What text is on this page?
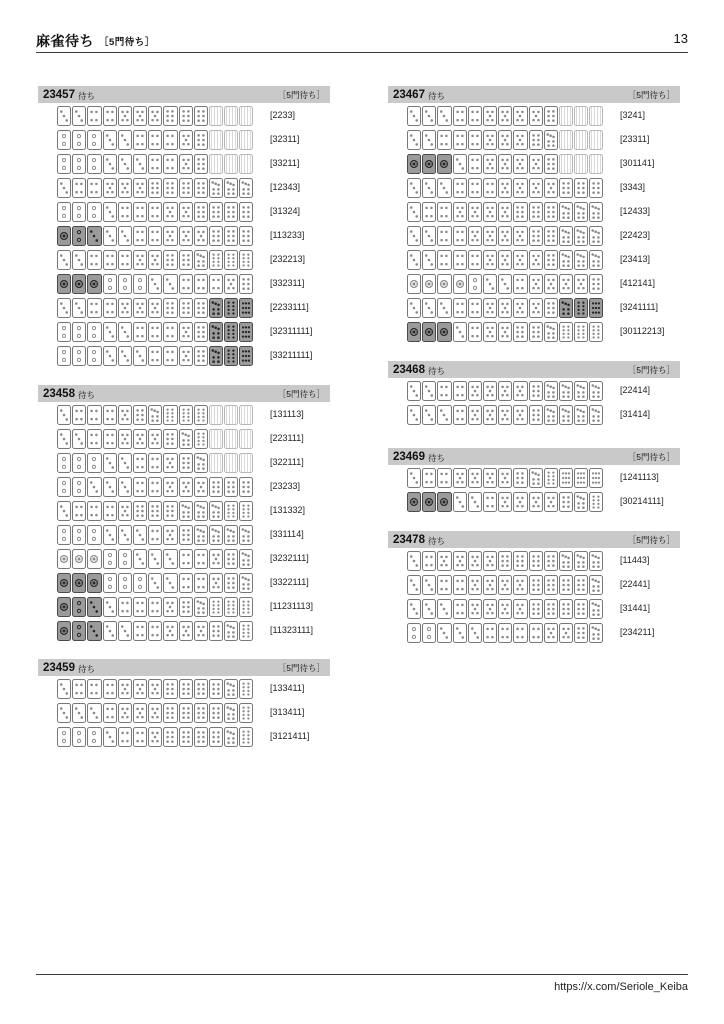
麻雀待ち ［5門待ち］	13
23457 待ち	［5門待ち］
[2233]
[32311]
[33211]
[12343]
[31324]
[113233]
[232213]
[332311]
[2233111]
[32311111]
[33211111]
23458 待ち	［5門待ち］
[131113]
[223111]
[322111]
[23233]
[131332]
[331114]
[3232111]
[3322111]
[11231113]
[11323111]
23459 待ち	［5門待ち］
[133411]
[313411]
[3121411]
23467 待ち	［5門待ち］
[3241]
[23311]
[301141]
[3343]
[12433]
[22423]
[23413]
[412141]
[3241111]
[30112213]
23468 待ち	［5門待ち］
[22414]
[31414]
23469 待ち	［5門待ち］
[1241113]
[30214111]
23478 待ち	［5門待ち］
[11443]
[22441]
[31441]
[234211]
https://x.com/Seriole_Keiba
